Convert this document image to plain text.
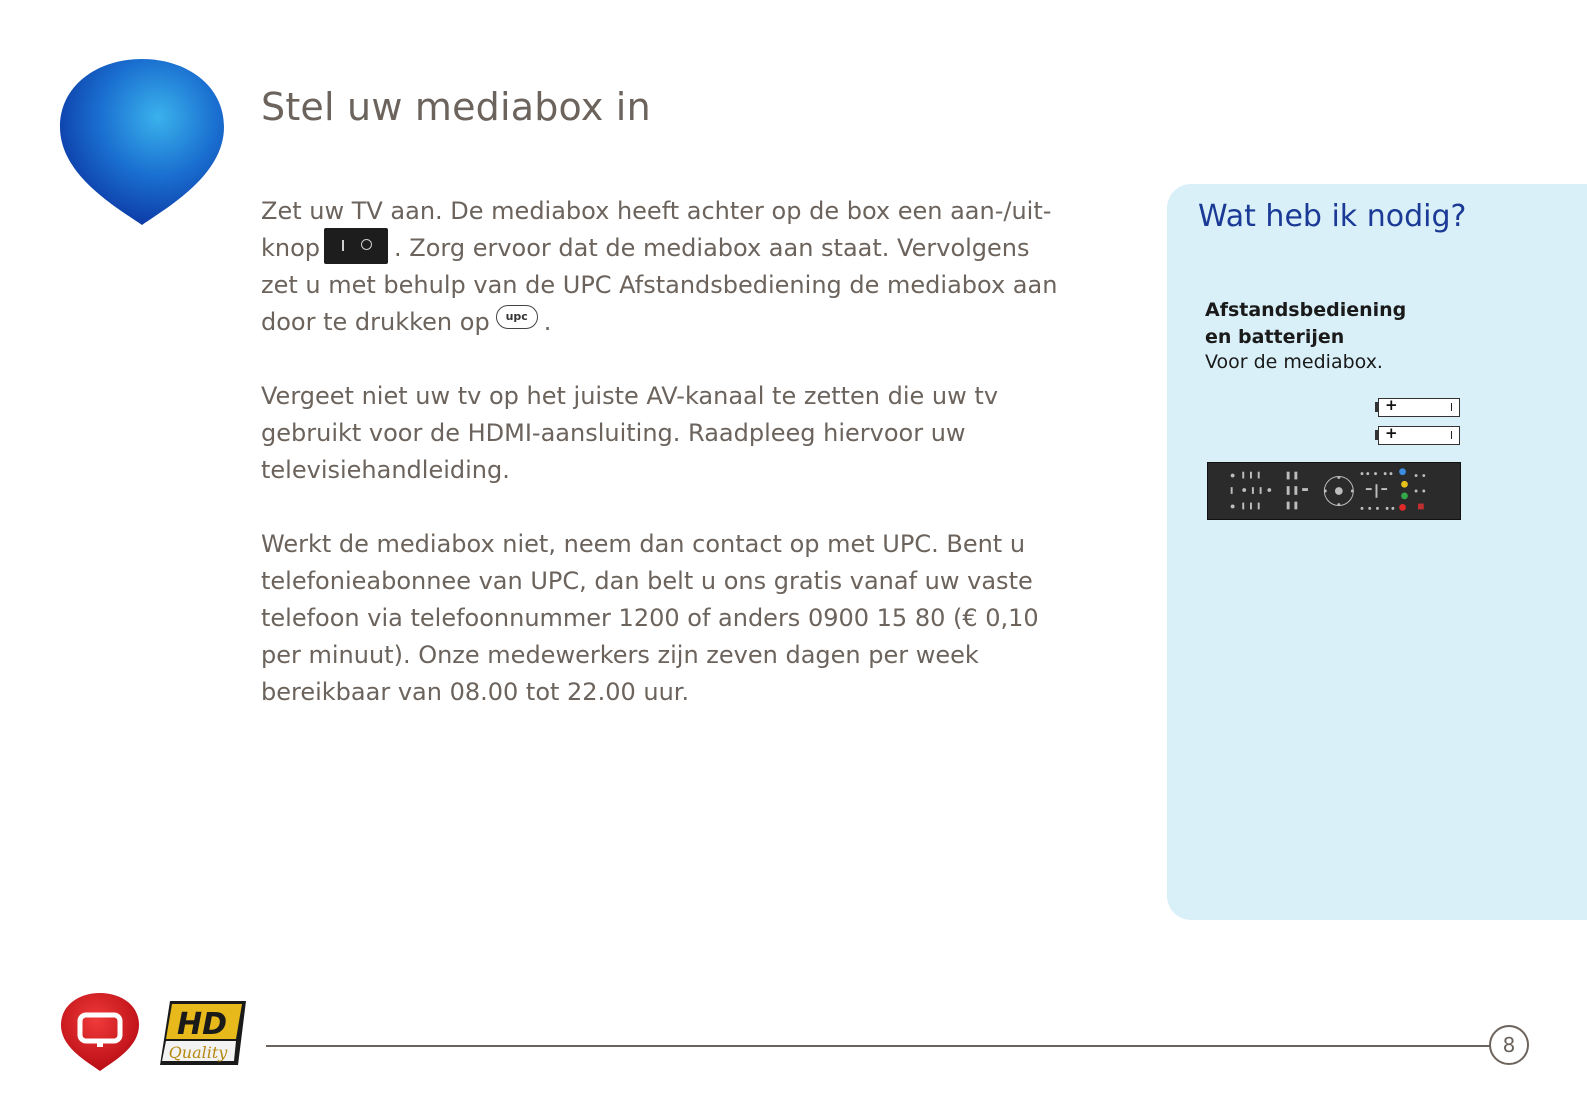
Stel uw mediabox in

Zet uw TV aan. De mediabox heeft achter op de box een aan-/uit-knop	. Zorg ervoor dat de mediabox aan staat. Vervolgens zet u met behulp van de UPC Afstandsbediening de mediabox aan door te drukken op upc .

Vergeet niet uw tv op het juiste AV-kanaal te zetten die uw tv gebruikt voor de HDMI-aansluiting. Raadpleeg hiervoor uw televisiehandleiding.

Werkt de mediabox niet, neem dan contact op met UPC. Bent u telefonieabonnee van UPC, dan belt u ons gratis vanaf uw vaste telefoon via telefoonnummer 1200 of anders 0900 15 80 (€ 0,10 per minuut). Onze medewerkers zijn zeven dagen per week bereikbaar van 08.00 tot 22.00 uur.

Wat heb ik nodig?
Afstandsbediening
en batterijen
Voor de mediabox.
+
+
HD
Quality	8
